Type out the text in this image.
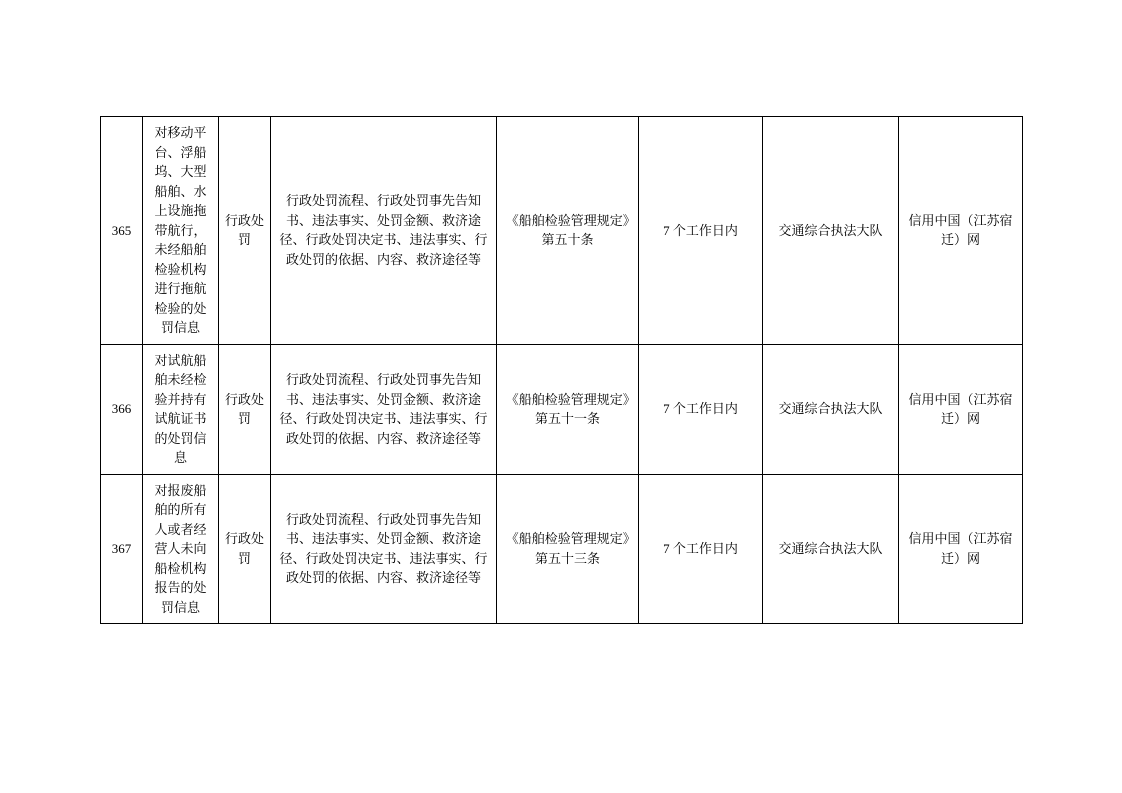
365	对移动平台、浮船坞、大型船舶、水上设施拖带航行，未经船舶检验机构进行拖航检验的处罚信息	行政处罚	行政处罚流程、行政处罚事先告知书、违法事实、处罚金额、救济途径、行政处罚决定书、违法事实、行政处罚的依据、内容、救济途径等	《船舶检验管理规定》第五十条	7 个工作日内	交通综合执法大队	信用中国（江苏宿迁）网
366	对试航船舶未经检验并持有试航证书的处罚信息	行政处罚	行政处罚流程、行政处罚事先告知书、违法事实、处罚金额、救济途径、行政处罚决定书、违法事实、行政处罚的依据、内容、救济途径等	《船舶检验管理规定》第五十一条	7 个工作日内	交通综合执法大队	信用中国（江苏宿迁）网
367	对报废船舶的所有人或者经营人未向船检机构报告的处罚信息	行政处罚	行政处罚流程、行政处罚事先告知书、违法事实、处罚金额、救济途径、行政处罚决定书、违法事实、行政处罚的依据、内容、救济途径等	《船舶检验管理规定》第五十三条	7 个工作日内	交通综合执法大队	信用中国（江苏宿迁）网
